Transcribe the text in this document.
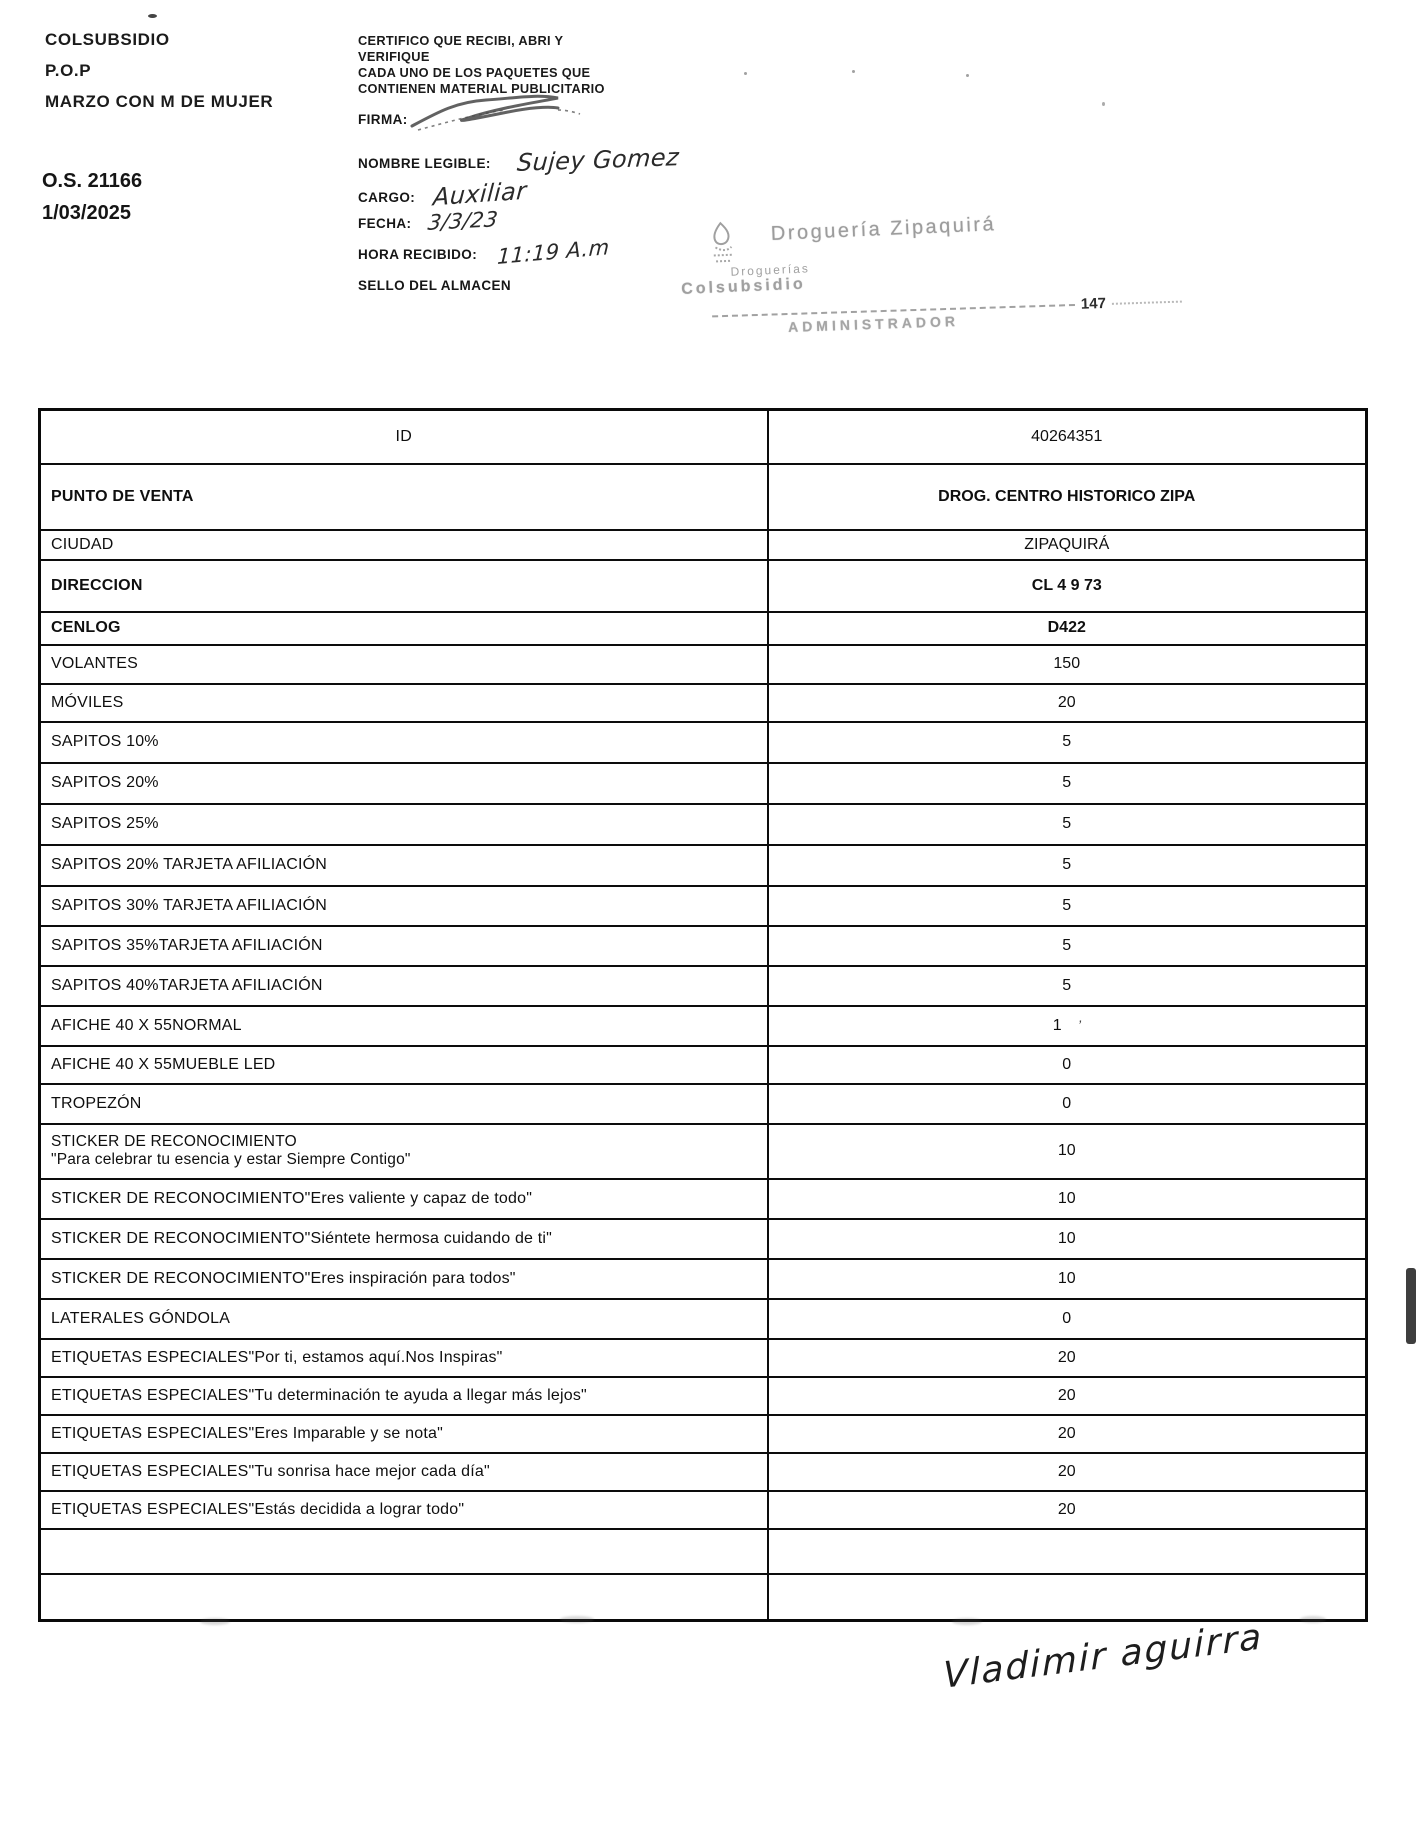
COLSUBSIDIO
P.O.P
MARZO CON M DE MUJER
O.S. 21166
1/03/2025
CERTIFICO QUE RECIBI, ABRI Y
VERIFIQUE
CADA UNO DE LOS PAQUETES QUE
CONTIENEN MATERIAL PUBLICITARIO
FIRMA:
NOMBRE LEGIBLE: Sujey Gomez
CARGO: Auxiliar
FECHA: 3/3/23
HORA RECIBIDO: 11:19 A.m
SELLO DEL ALMACEN
Droguería Zipaquirá
Droguerías
Colsubsidio
147
ADMINISTRADOR
ID	40264351
PUNTO DE VENTA	DROG. CENTRO HISTORICO ZIPA
CIUDAD	ZIPAQUIRÁ
DIRECCION	CL 4 9 73
CENLOG	D422
VOLANTES	150
MÓVILES	20
SAPITOS 10%	5
SAPITOS 20%	5
SAPITOS 25%	5
SAPITOS 20% TARJETA AFILIACIÓN	5
SAPITOS 30% TARJETA AFILIACIÓN	5
SAPITOS 35%TARJETA AFILIACIÓN	5
SAPITOS 40%TARJETA AFILIACIÓN	5
AFICHE 40 X 55NORMAL	1 ’
AFICHE 40 X 55MUEBLE LED	0
TROPEZÓN	0

STICKER DE RECONOCIMIENTO
"Para celebrar tu esencia y estar Siempre Contigo"	10
STICKER DE RECONOCIMIENTO"Eres valiente y capaz de todo"	10
STICKER DE RECONOCIMIENTO"Siéntete hermosa cuidando de ti"	10
STICKER DE RECONOCIMIENTO"Eres inspiración para todos"	10
LATERALES GÓNDOLA	0
ETIQUETAS ESPECIALES"Por ti, estamos aquí.Nos Inspiras"	20
ETIQUETAS ESPECIALES"Tu determinación te ayuda a llegar más lejos"	20
ETIQUETAS ESPECIALES"Eres Imparable y se nota"	20
ETIQUETAS ESPECIALES"Tu sonrisa hace mejor cada día"	20
ETIQUETAS ESPECIALES"Estás decidida a lograr todo"	20

Vladimir aguirra
